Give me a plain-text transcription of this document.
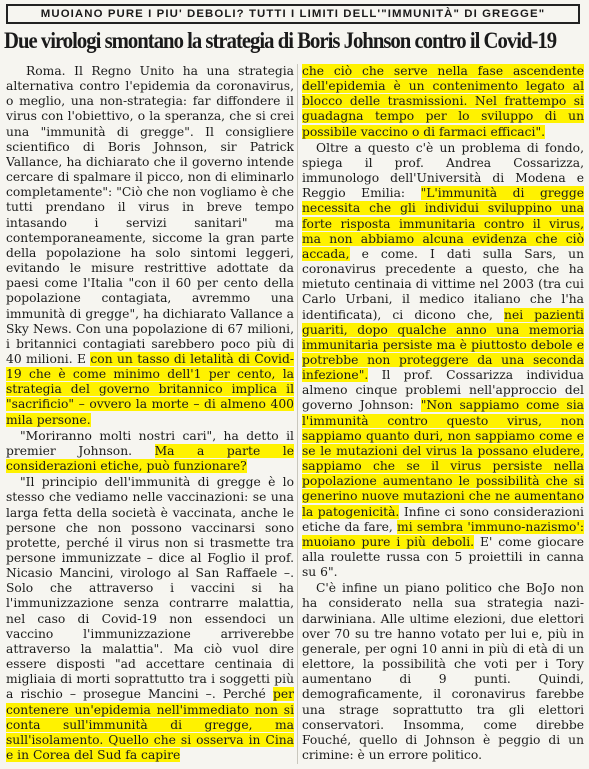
MUOIANO PURE I PIU' DEBOLI? TUTTI I LIMITI DELL'"IMMUNITÀ" DI GREGGE"
Due virologi smontano la strategia di Boris Johnson contro il Covid-19

Roma. Il Regno Unito ha una strategia alternativa contro l'epidemia da coronavirus, o meglio, una non-strategia: far diffondere il virus con l'obiettivo, o la speranza, che si crei una "immunità di gregge". Il consigliere scientifico di Boris Johnson, sir Patrick Vallance, ha dichiarato che il governo intende cercare di spalmare il picco, non di eliminarlo completamente": "Ciò che non vogliamo è che tutti prendano il virus in breve tempo intasando i servizi sanitari" ma contemporaneamente, siccome la gran parte della popolazione ha solo sintomi leggeri, evitando le misure restrittive adottate da paesi come l'Italia "con il 60 per cento della popolazione contagiata, avremmo una immunità di gregge", ha dichiarato Vallance a Sky News. Con una popolazione di 67 milioni, i britannici contagiati sarebbero poco più di 40 milioni. E con un tasso di letalità di Covid-19 che è come minimo dell'1 per cento, la strategia del governo britannico implica il "sacrificio" – ovvero la morte – di almeno 400 mila persone.

"Moriranno molti nostri cari", ha detto il premier Johnson. Ma a parte le considerazioni etiche, può funzionare?

"Il principio dell'immunità di gregge è lo stesso che vediamo nelle vaccinazioni: se una larga fetta della società è vaccinata, anche le persone che non possono vaccinarsi sono protette, perché il virus non si trasmette tra persone immunizzate – dice al Foglio il prof. Nicasio Mancini, virologo al San Raffaele –. Solo che attraverso i vaccini si ha l'immunizzazione senza contrarre malattia, nel caso di Covid-19 non essendoci un vaccino l'immunizzazione arriverebbe attraverso la malattia". Ma ciò vuol dire essere disposti "ad accettare centinaia di migliaia di morti soprattutto tra i soggetti più a rischio – prosegue Mancini –. Perché per contenere un'epidemia nell'immediato non si conta sull'immunità di gregge, ma sull'isolamento. Quello che si osserva in Cina e in Corea del Sud fa capire

che ciò che serve nella fase ascendente dell'epidemia è un contenimento legato al blocco delle trasmissioni. Nel frattempo si guadagna tempo per lo sviluppo di un possibile vaccino o di farmaci efficaci".

Oltre a questo c'è un problema di fondo, spiega il prof. Andrea Cossarizza, immunologo dell'Università di Modena e Reggio Emilia: "L'immunità di gregge necessita che gli individui sviluppino una forte risposta immunitaria contro il virus, ma non abbiamo alcuna evidenza che ciò accada, e come. I dati sulla Sars, un coronavirus precedente a questo, che ha mietuto centinaia di vittime nel 2003 (tra cui Carlo Urbani, il medico italiano che l'ha identificata), ci dicono che, nei pazienti guariti, dopo qualche anno una memoria immunitaria persiste ma è piuttosto debole e potrebbe non proteggere da una seconda infezione". Il prof. Cossarizza individua almeno cinque problemi nell'approccio del governo Johnson: "Non sappiamo come sia l'immunità contro questo virus, non sappiamo quanto duri, non sappiamo come e se le mutazioni del virus la possano eludere, sappiamo che se il virus persiste nella popolazione aumentano le possibilità che si generino nuove mutazioni che ne aumentano la patogenicità. Infine ci sono considerazioni etiche da fare, mi sembra 'immuno-nazismo': muoiano pure i più deboli. E' come giocare alla roulette russa con 5 proiettili in canna su 6".

C'è infine un piano politico che BoJo non ha considerato nella sua strategia nazi-darwiniana. Alle ultime elezioni, due elettori over 70 su tre hanno votato per lui e, più in generale, per ogni 10 anni in più di età di un elettore, la possibilità che voti per i Tory aumentano di 9 punti. Quindi, demograficamente, il coronavirus farebbe una strage soprattutto tra gli elettori conservatori. Insomma, come direbbe Fouché, quello di Johnson è peggio di un crimine: è un errore politico.
